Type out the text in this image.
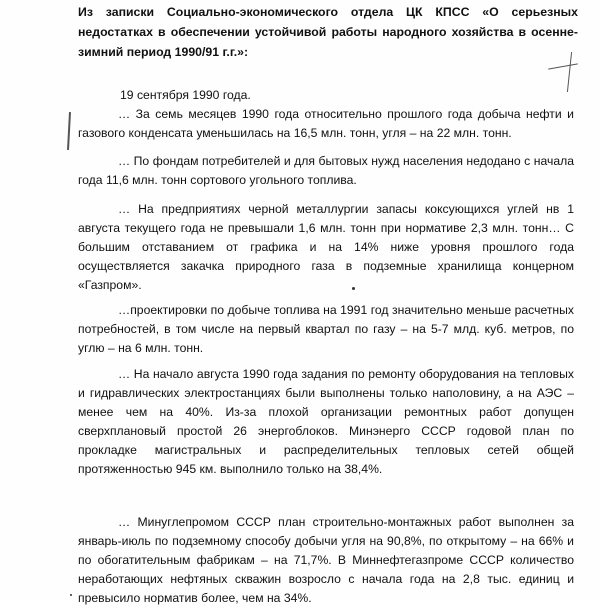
Из записки Социально-экономического отдела ЦК КПСС «О серьезных недостатках в обеспечении устойчивой работы народного хозяйства в осенне-зимний период 1990/91 г.г.»:
19 сентября 1990 года.

… За семь месяцев 1990 года относительно прошлого года добыча нефти и газового конденсата уменьшилась на 16,5 млн. тонн, угля – на 22 млн. тонн.

… По фондам потребителей и для бытовых нужд населения недодано с начала года 11,6 млн. тонн сортового угольного топлива.

… На предприятиях черной металлургии запасы коксующихся углей нв 1 августа текущего года не превышали 1,6 млн. тонн при нормативе 2,3 млн. тонн… С большим отставанием от графика и на 14% ниже уровня прошлого года осуществляется закачка природного газа в подземные хранилища концерном «Газпром».

…проектировки по добыче топлива на 1991 год значительно меньше расчетных потребностей, в том числе на первый квартал по газу – на 5-7 млд. куб. метров, по углю – на 6 млн. тонн.

… На начало августа 1990 года задания по ремонту оборудования на тепловых и гидравлических электростанциях были выполнены только наполовину, а на АЭС – менее чем на 40%. Из-за плохой организации ремонтных работ допущен сверхплановый простой 26 энергоблоков. Минэнерго СССР годовой план по прокладке магистральных и распределительных тепловых сетей общей протяженностью 945 км. выполнило только на 38,4%.

… Минуглепромом СССР план строительно-монтажных работ выполнен за январь-июль по подземному способу добычи угля на 90,8%, по открытому – на 66% и по обогатительным фабрикам – на 71,7%. В Миннефтегазпроме СССР количество неработающих нефтяных скважин возросло с начала года на 2,8 тыс. единиц и превысило норматив более, чем на 34%.
